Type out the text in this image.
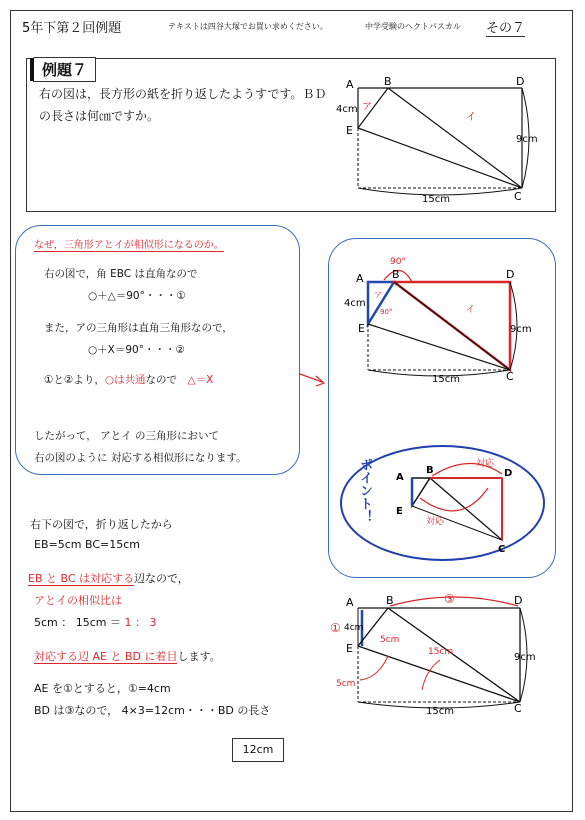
5年下第２回例題	テキストは四谷大塚でお買い求めください。	中学受験のヘクトパスカル その７
例題７
右の図は，長方形の紙を折り返したようすです。ＢＤの長さは何㎝ですか。
A	B	D
E
C
4cm
9cm
15cm
ア
イ

なぜ，三角形アとイが相似形になるのか。

右の図で，角 EBC は直角なので

○＋△＝90°・・・①

また，アの三角形は直角三角形なので，

○＋X＝90°・・・②

①と②より，○は共通なので　 △＝X

したがって， アとイ の三角形において

右の図のように 対応する相似形になります。

90°
90°
A	B	D
E
C
4cm
9cm
15cm
ア
イ
ポイント！ A
B	D
E
C
対応
対応

右下の図で，折り返したから

EB=5cm BC=15cm

EB と BC は対応する辺なので，

アとイの相似比は

5cm ： 15cm ＝ 1 ： 3

対応する辺 AE と BD に着目します。

AE を①とすると，①=4cm

BD は③なので， 4×3=12cm・・・BD の長さ

③
①
A	B	D
E
C
4cm
9cm
15cm
5cm
15cm
5cm
12cm
